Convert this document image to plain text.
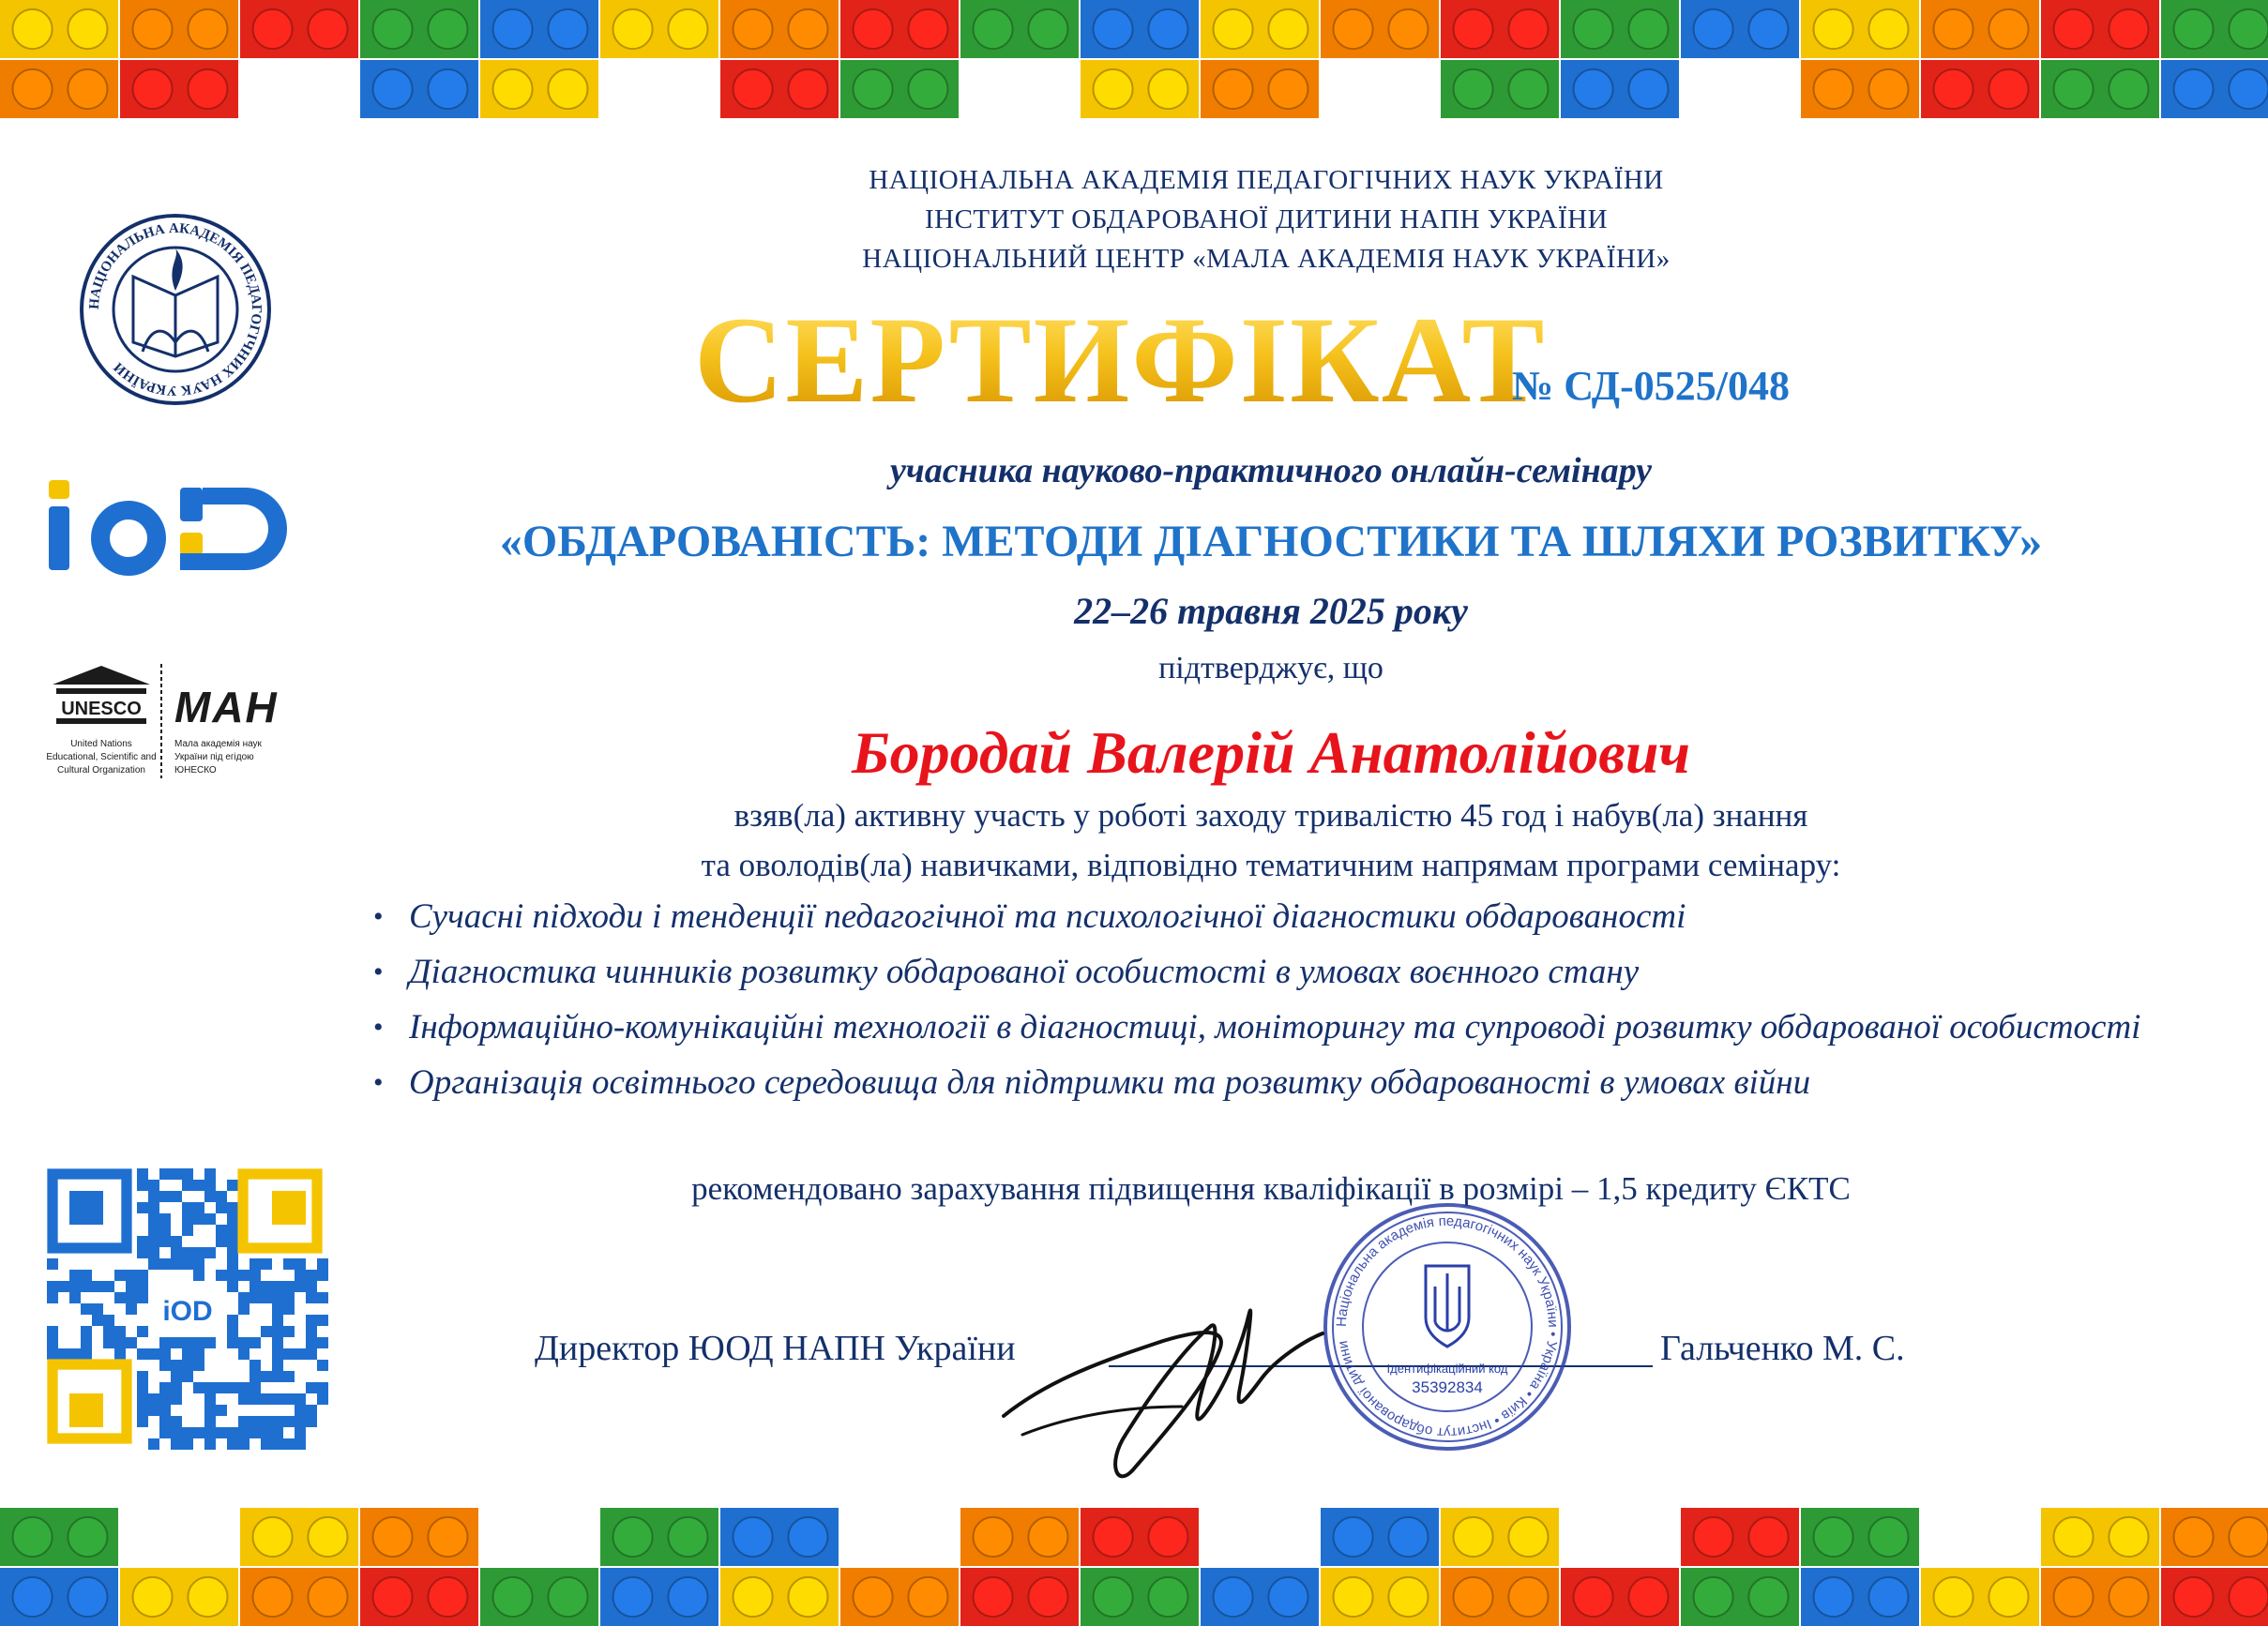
НАЦІОНАЛЬНА АКАДЕМІЯ ПЕДАГОГІЧНИХ НАУК УКРАЇНИ
UNESCO
United Nations
Educational, Scientific and
Cultural Organization
МАН
Мала академія наук
України під егідою
ЮНЕСКО
iOD
НАЦІОНАЛЬНА АКАДЕМІЯ ПЕДАГОГІЧНИХ НАУК УКРАЇНИ
ІНСТИТУТ ОБДАРОВАНОЇ ДИТИНИ НАПН УКРАЇНИ
НАЦІОНАЛЬНИЙ ЦЕНТР «МАЛА АКАДЕМІЯ НАУК УКРАЇНИ»
СЕРТИФІКАТ
№ СД-0525/048
учасника науково-практичного онлайн-семінару
«ОБДАРОВАНІСТЬ: МЕТОДИ ДІАГНОСТИКИ ТА ШЛЯХИ РОЗВИТКУ»
22–26 травня 2025 року
підтверджує, що
Бородай Валерій Анатолійович
взяв(ла) активну участь у роботі заходу тривалістю 45 год і набув(ла) знання
та оволодів(ла) навичками, відповідно тематичним напрямам програми семінару:
• Сучасні підходи і тенденції педагогічної та психологічної діагностики обдарованості
• Діагностика чинників розвитку обдарованої особистості в умовах воєнного стану
• Інформаційно-комунікаційні технології в діагностиці, моніторингу та супроводі розвитку обдарованої особистості
• Організація освітнього середовища для підтримки та розвитку обдарованості в умовах війни
рекомендовано зарахування підвищення кваліфікації в розмірі – 1,5 кредиту ЄКТС
Директор ЮОД НАПН України	Гальченко М. С.
Національна академія педагогічних наук України • Україна • Київ • Інститут обдарованої дитини
Ідентифікаційний код
35392834
